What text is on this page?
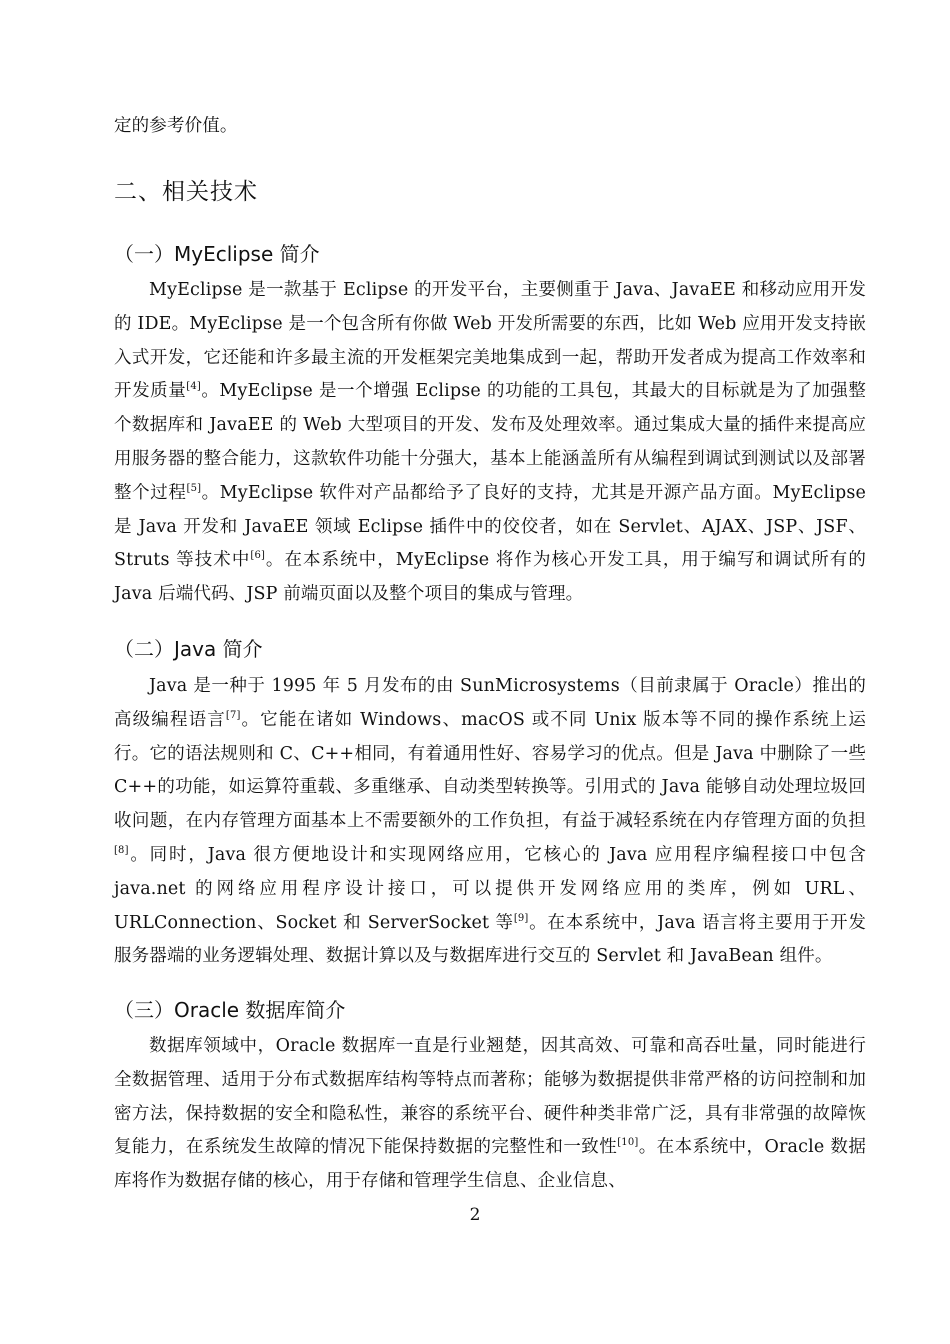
定的参考价值。
二、相关技术
（一）MyEclipse 简介
MyEclipse 是一款基于 Eclipse 的开发平台，主要侧重于 Java、JavaEE 和移动应用开发的 IDE。MyEclipse 是一个包含所有你做 Web 开发所需要的东西，比如 Web 应用开发支持嵌入式开发，它还能和许多最主流的开发框架完美地集成到一起，帮助开发者成为提高工作效率和开发质量[4]。MyEclipse 是一个增强 Eclipse 的功能的工具包，其最大的目标就是为了加强整个数据库和 JavaEE 的 Web 大型项目的开发、发布及处理效率。通过集成大量的插件来提高应用服务器的整合能力，这款软件功能十分强大，基本上能涵盖所有从编程到调试到测试以及部署整个过程[5]。MyEclipse 软件对产品都给予了良好的支持，尤其是开源产品方面。MyEclipse 是 Java 开发和 JavaEE 领域 Eclipse 插件中的佼佼者，如在 Servlet、AJAX、JSP、JSF、Struts 等技术中[6]。在本系统中，MyEclipse 将作为核心开发工具，用于编写和调试所有的 Java 后端代码、JSP 前端页面以及整个项目的集成与管理。
（二）Java 简介
Java 是一种于 1995 年 5 月发布的由 SunMicrosystems（目前隶属于 Oracle）推出的高级编程语言[7]。它能在诸如 Windows、macOS 或不同 Unix 版本等不同的操作系统上运行。它的语法规则和 C、C++相同，有着通用性好、容易学习的优点。但是 Java 中删除了一些 C++的功能，如运算符重载、多重继承、自动类型转换等。引用式的 Java 能够自动处理垃圾回收问题，在内存管理方面基本上不需要额外的工作负担，有益于减轻系统在内存管理方面的负担[8]。同时，Java 很方便地设计和实现网络应用，它核心的 Java 应用程序编程接口中包含 java.net 的网络应用程序设计接口，可以提供开发网络应用的类库，例如 URL、URLConnection、Socket 和 ServerSocket 等[9]。在本系统中，Java 语言将主要用于开发服务器端的业务逻辑处理、数据计算以及与数据库进行交互的 Servlet 和 JavaBean 组件。
（三）Oracle 数据库简介
数据库领域中，Oracle 数据库一直是行业翘楚，因其高效、可靠和高吞吐量，同时能进行全数据管理、适用于分布式数据库结构等特点而著称；能够为数据提供非常严格的访问控制和加密方法，保持数据的安全和隐私性，兼容的系统平台、硬件种类非常广泛，具有非常强的故障恢复能力，在系统发生故障的情况下能保持数据的完整性和一致性[10]。在本系统中，Oracle 数据库将作为数据存储的核心，用于存储和管理学生信息、企业信息、
2
